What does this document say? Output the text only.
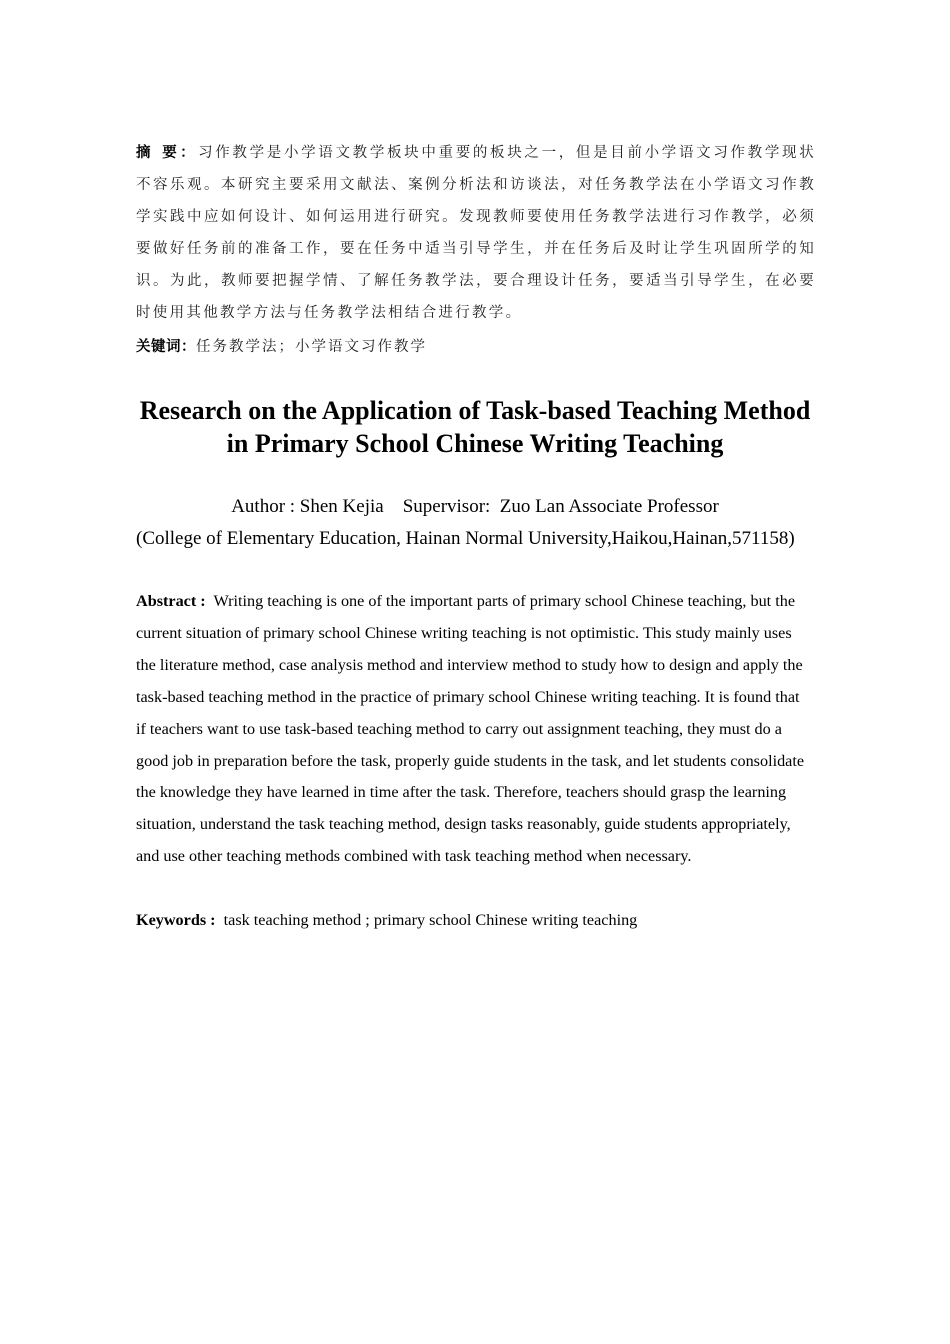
摘 要：习作教学是小学语文教学板块中重要的板块之一，但是目前小学语文习作教学现状不容乐观。本研究主要采用文献法、案例分析法和访谈法，对任务教学法在小学语文习作教学实践中应如何设计、如何运用进行研究。发现教师要使用任务教学法进行习作教学，必须要做好任务前的准备工作，要在任务中适当引导学生，并在任务后及时让学生巩固所学的知识。为此，教师要把握学情、了解任务教学法，要合理设计任务，要适当引导学生，在必要时使用其他教学方法与任务教学法相结合进行教学。
关键词：任务教学法；小学语文习作教学
Research on the Application of Task-based Teaching Method
in Primary School Chinese Writing Teaching
Author : Shen Kejia    Supervisor:  Zuo Lan Associate Professor
(College of Elementary Education, Hainan Normal University,Haikou,Hainan,571158)

Abstract : Writing teaching is one of the important parts of primary school Chinese teaching, but the current situation of primary school Chinese writing teaching is not optimistic. This study mainly uses the literature method, case analysis method and interview method to study how to design and apply the task-based teaching method in the practice of primary school Chinese writing teaching. It is found that if teachers want to use task-based teaching method to carry out assignment teaching, they must do a good job in preparation before the task, properly guide students in the task, and let students consolidate the knowledge they have learned in time after the task. Therefore, teachers should grasp the learning situation, understand the task teaching method, design tasks reasonably, guide students appropriately, and use other teaching methods combined with task teaching method when necessary.

Keywords : task teaching method ; primary school Chinese writing teaching
